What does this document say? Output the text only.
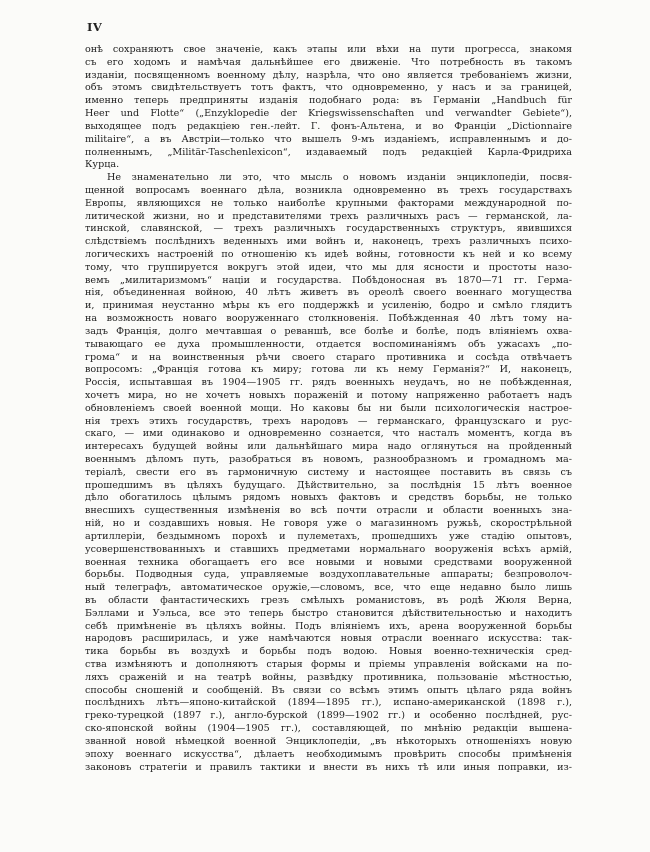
IV
онѣ сохраняютъ свое значеніе, какъ этапы или вѣхи на пути прогресса, знакомя
съ его ходомъ и намѣчая дальнѣйшее его движеніе. Что потребность въ такомъ
изданіи, посвященномъ военному дѣлу, назрѣла, что оно является требованіемъ жизни,
объ этомъ свидѣтельствуетъ тотъ фактъ, что одновременно, у насъ и за границей,
именно теперь предприняты изданія подобнаго рода: въ Германіи „Handbuch für
Heer und Flotte“ („Enzyklopedie der Kriegswissenschaften und verwandter Gebiete“),
выходящее подъ редакціею ген.-лейт. Г. фонъ-Альтена, и во Франціи „Dictionnaire
militaire“, а въ Австріи—только что вышелъ 9-мъ изданіемъ, исправленнымъ и до-
полненнымъ, „Militär-Taschenlexicon“, издаваемый подъ редакціей Карла-Фридриха
Курца.
Не знаменательно ли это, что мысль о новомъ изданіи энциклопедіи, посвя-
щенной вопросамъ военнаго дѣла, возникла одновременно въ трехъ государствахъ
Европы, являющихся не только наиболѣе крупными факторами международной по-
литической жизни, но и представителями трехъ различныхъ расъ — германской, ла-
тинской, славянской, — трехъ различныхъ государственныхъ структуръ, явившихся
слѣдствіемъ послѣднихъ веденныхъ ими войнъ и, наконецъ, трехъ различныхъ психо-
логическихъ настроеній по отношенію къ идеѣ войны, готовности къ ней и ко всему
тому, что группируется вокругъ этой идеи, что мы для ясности и простоты назо-
вемъ „милитаризмомъ“ націи и государства. Побѣдоносная въ 1870—71 гг. Герма-
нія, объединенная войною, 40 лѣтъ живетъ въ ореолѣ своего военнаго могущества
и, принимая неустанно мѣры къ его поддержкѣ и усиленію, бодро и смѣло глядитъ
на возможность новаго вооруженнаго столкновенія. Побѣжденная 40 лѣтъ тому на-
задъ Франція, долго мечтавшая о реваншѣ, все болѣе и болѣе, подъ вліяніемъ охва-
тывающаго ее духа промышленности, отдается воспоминаніямъ объ ужасахъ „по-
грома“ и на воинственныя рѣчи своего стараго противника и сосѣда отвѣчаетъ
вопросомъ: „Франція готова къ миру; готова ли къ нему Германія?“ И, наконецъ,
Россія, испытавшая въ 1904—1905 гг. рядъ военныхъ неудачъ, но не побѣжденная,
хочетъ мира, но не хочетъ новыхъ пораженій и потому напряженно работаетъ надъ
обновленіемъ своей военной мощи. Но каковы бы ни были психологическія настрое-
нія трехъ этихъ государствъ, трехъ народовъ — германскаго, французскаго и рус-
скаго, — ими одинаково и одновременно сознается, что насталъ моментъ, когда въ
интересахъ будущей войны или дальнѣйшаго мира надо оглянуться на пройденный
военнымъ дѣломъ путь, разобраться въ новомъ, разнообразномъ и громадномъ ма-
теріалѣ, свести его въ гармоничную систему и настоящее поставить въ связь съ
прошедшимъ въ цѣляхъ будущаго. Дѣйствительно, за послѣднія 15 лѣтъ военное
дѣло обогатилось цѣлымъ рядомъ новыхъ фактовъ и средствъ борьбы, не только
внесшихъ существенныя измѣненія во всѣ почти отрасли и области военныхъ зна-
ній, но и создавшихъ новыя. Не говоря уже о магазинномъ ружьѣ, скорострѣльной
артиллеріи, бездымномъ порохѣ и пулеметахъ, прошедшихъ уже стадію опытовъ,
усовершенствованныхъ и ставшихъ предметами нормальнаго вооруженія всѣхъ армій,
военная техника обогащаетъ его все новыми и новыми средствами вооруженной
борьбы. Подводныя суда, управляемые воздухоплавательные аппараты; безпроволоч-
ный телеграфъ, автоматическое оружіе,—словомъ, все, что еще недавно было лишь
въ области фантастическихъ грезъ смѣлыхъ романистовъ, въ родѣ Жюля Верна,
Бэллами и Уэльса, все это теперь быстро становится дѣйствительностью и находитъ
себѣ примѣненіе въ цѣляхъ войны. Подъ вліяніемъ ихъ, арена вооруженной борьбы
народовъ расширилась, и уже намѣчаются новыя отрасли военнаго искусства: так-
тика борьбы въ воздухѣ и борьбы подъ водою. Новыя военно-техническія сред-
ства измѣняютъ и дополняютъ старыя формы и пріемы управленія войсками на по-
ляхъ сраженій и на театрѣ войны, развѣдку противника, пользованіе мѣстностью,
способы сношеній и сообщеній. Въ связи со всѣмъ этимъ опытъ цѣлаго ряда войнъ
послѣднихъ лѣтъ—японо-китайской (1894—1895 гг.), испано-американской (1898 г.),
греко-турецкой (1897 г.), англо-бурской (1899—1902 гг.) и особенно послѣдней, рус-
ско-японской войны (1904—1905 гг.), составляющей, по мнѣнію редакціи вышена-
званной новой нѣмецкой военной Энциклопедіи, „въ нѣкоторыхъ отношеніяхъ новую
эпоху военнаго искусства“, дѣлаетъ необходимымъ провѣрить способы примѣненія
законовъ стратегіи и правилъ тактики и внести въ нихъ тѣ или иныя поправки, из-
